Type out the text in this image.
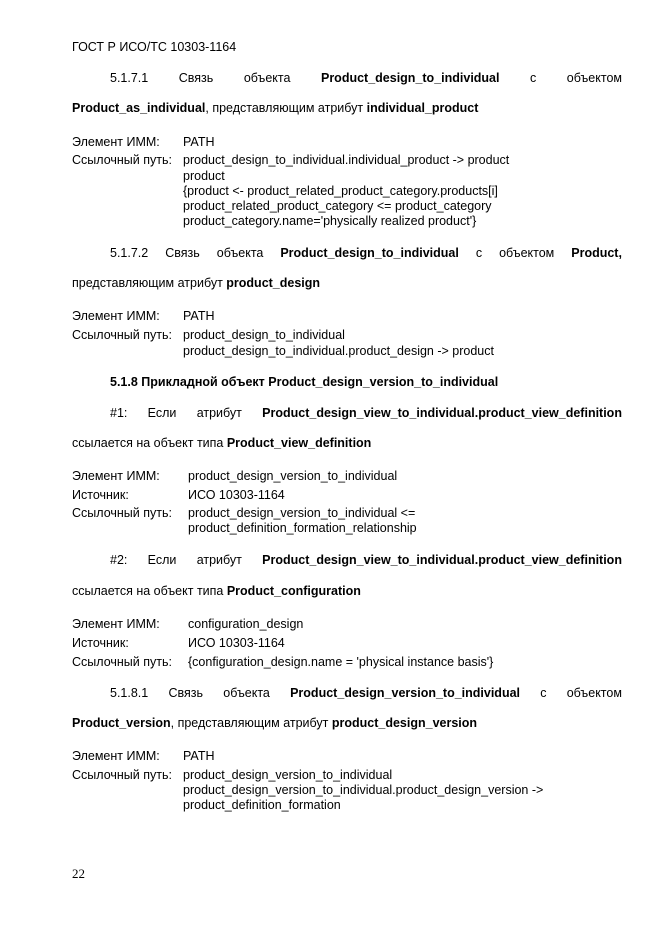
ГОСТ Р ИСО/ТС 10303-1164
5.1.7.1 Связь объекта Product_design_to_individual с объектом
Product_as_individual, представляющим атрибут individual_product
Элемент ИММ: PATH
Ссылочный путь: product_design_to_individual.individual_product -> product
product
{product <- product_related_product_category.products[i]
product_related_product_category <= product_category
product_category.name='physically realized product'}
5.1.7.2 Связь объекта Product_design_to_individual с объектом Product,
представляющим атрибут product_design
Элемент ИММ: PATH
Ссылочный путь: product_design_to_individual
product_design_to_individual.product_design -> product
5.1.8 Прикладной объект Product_design_version_to_individual
#1: Если атрибут Product_design_view_to_individual.product_view_definition
ссылается на объект типа Product_view_definition
Элемент ИММ: product_design_version_to_individual
Источник:	ИСО 10303-1164
Ссылочный путь: product_design_version_to_individual <=
product_definition_formation_relationship
#2: Если атрибут Product_design_view_to_individual.product_view_definition
ссылается на объект типа Product_configuration
Элемент ИММ: configuration_design
Источник:	ИСО 10303-1164
Ссылочный путь: {configuration_design.name = 'physical instance basis'}
5.1.8.1 Связь объекта Product_design_version_to_individual с объектом
Product_version, представляющим атрибут product_design_version
Элемент ИММ: PATH
Ссылочный путь: product_design_version_to_individual
product_design_version_to_individual.product_design_version ->
product_definition_formation
22
